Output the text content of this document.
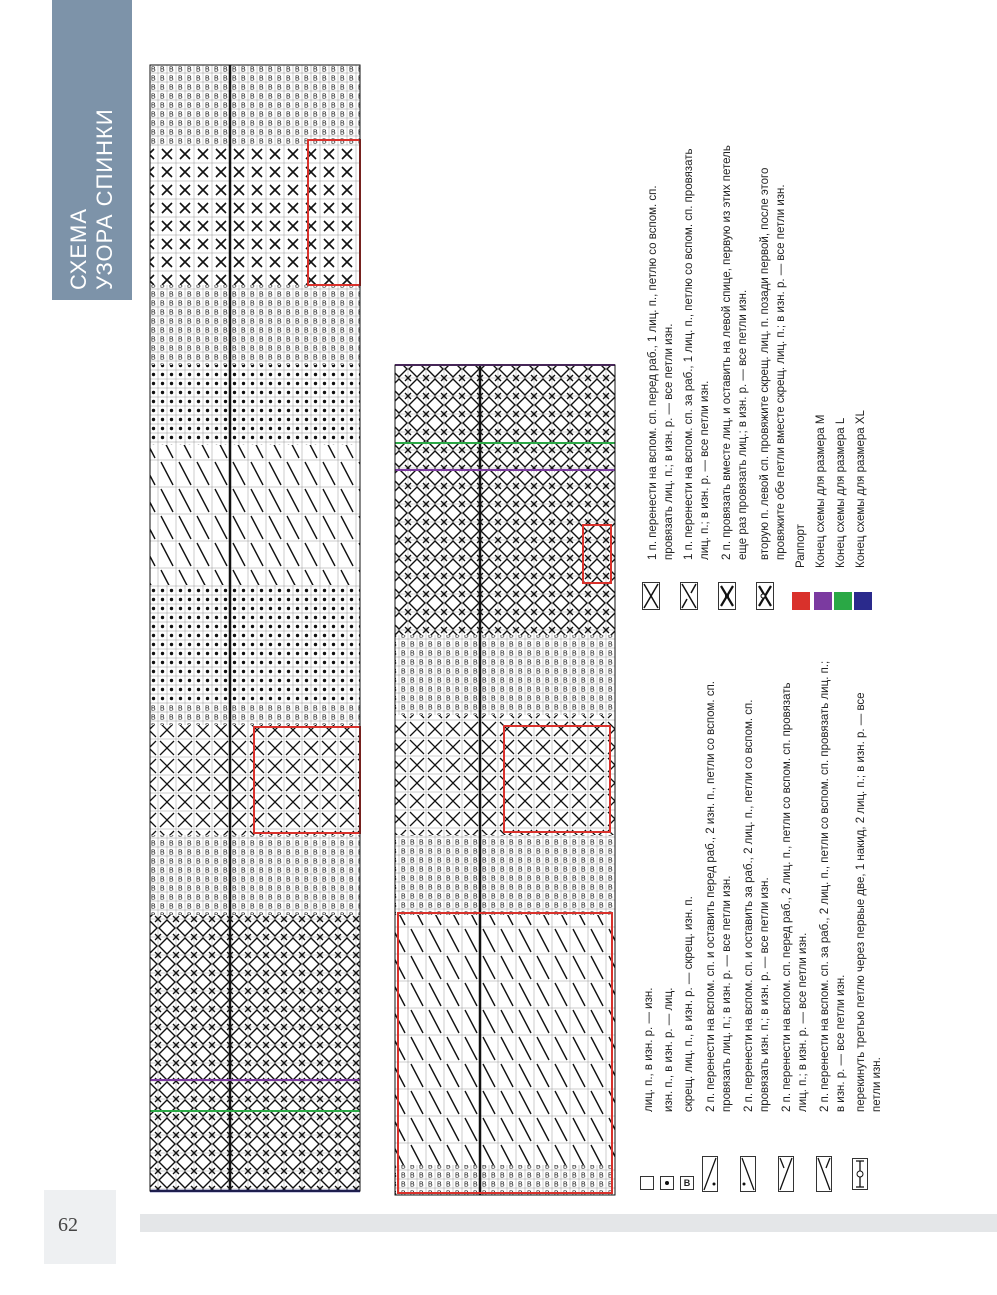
СХЕМА УЗОРА СПИНКИ
В
лиц. п., в изн. р. — изн. изн. п., в изн. р. — лиц. скрещ. лиц. п., в изн. р. — скрещ. изн. п. 2 п. перенести на вспом. сп. и оставить перед раб., 2 изн. п., петли со вспом. сп. провязать лиц. п.; в изн. р. — все петли изн. 2 п. перенести на вспом. сп. и оставить за раб., 2 лиц. п., петли со вспом. сп. провязать изн. п.; в изн. р. — все петли изн. 2 п. перенести на вспом. сп. перед раб., 2 лиц. п., петли со вспом. сп. провязать лиц. п.; в изн. р. — все петли изн. 2 п. перенести на вспом. сп. за раб., 2 лиц. п., петли со вспом. сп. провязать лиц. п.; в изн. р. — все петли изн. перекинуть третью петлю через первые две, 1 накид, 2 лиц. п.; в изн. р. — все петли изн.
1 п. перенести на вспом. сп. перед раб., 1 лиц. п., петлю со вспом. сп. провязать лиц. п.; в изн. р. — все петли изн. 1 п. перенести на вспом. сп. за раб., 1 лиц. п., петлю со вспом. сп. провязать лиц. п.; в изн. р. — все петли изн. 2 п. провязать вместе лиц. и оставить на левой спице, первую из этих петель еще раз провязать лиц.; в изн. р. — все петли изн. вторую п. левой сп. провяжите скрещ. лиц. п. позади первой, после этого провяжите обе петли вместе скрещ. лиц. п.; в изн. р. — все петли изн. Раппорт Конец схемы для размера M Конец схемы для размера L Конец схемы для размера XL
62
